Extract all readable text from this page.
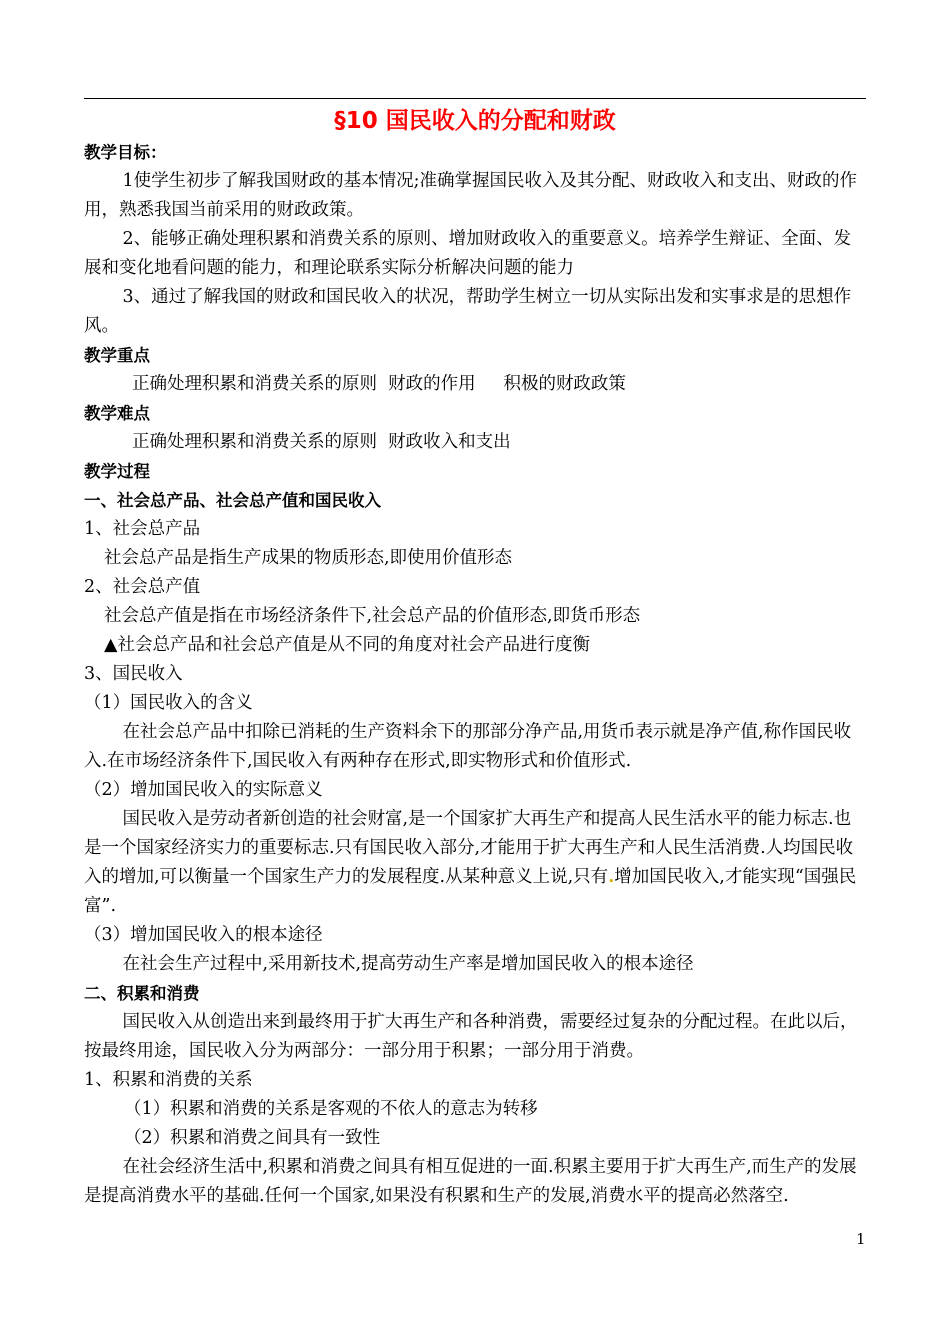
§10 国民收入的分配和财政

教学目标：

1使学生初步了解我国财政的基本情况;准确掌握国民收入及其分配、财政收入和支出、财政的作用，熟悉我国当前采用的财政政策。

2、能够正确处理积累和消费关系的原则、增加财政收入的重要意义。培养学生辩证、全面、发展和变化地看问题的能力，和理论联系实际分析解决问题的能力

3、通过了解我国的财政和国民收入的状况，帮助学生树立一切从实际出发和实事求是的思想作风。

教学重点

正确处理积累和消费关系的原则  财政的作用     积极的财政政策

教学难点

正确处理积累和消费关系的原则  财政收入和支出

教学过程

一、社会总产品、社会总产值和国民收入

1、社会总产品

社会总产品是指生产成果的物质形态,即使用价值形态

2、社会总产值

社会总产值是指在市场经济条件下,社会总产品的价值形态,即货币形态

▲社会总产品和社会总产值是从不同的角度对社会产品进行度衡

3、国民收入

（1）国民收入的含义

在社会总产品中扣除已消耗的生产资料余下的那部分净产品,用货币表示就是净产值,称作国民收入.在市场经济条件下,国民收入有两种存在形式,即实物形式和价值形式.

（2）增加国民收入的实际意义

国民收入是劳动者新创造的社会财富,是一个国家扩大再生产和提高人民生活水平的能力标志.也是一个国家经济实力的重要标志.只有国民收入部分,才能用于扩大再生产和人民生活消费.人均国民收入的增加,可以衡量一个国家生产力的发展程度.从某种意义上说,只有.增加国民收入,才能实现“国强民富”.

（3）增加国民收入的根本途径

在社会生产过程中,采用新技术,提高劳动生产率是增加国民收入的根本途径

二、积累和消费

国民收入从创造出来到最终用于扩大再生产和各种消费，需要经过复杂的分配过程。在此以后，按最终用途，国民收入分为两部分：一部分用于积累；一部分用于消费。

1、积累和消费的关系

（1）积累和消费的关系是客观的不依人的意志为转移

（2）积累和消费之间具有一致性

在社会经济生活中,积累和消费之间具有相互促进的一面.积累主要用于扩大再生产,而生产的发展是提高消费水平的基础.任何一个国家,如果没有积累和生产的发展,消费水平的提高必然落空.

1
